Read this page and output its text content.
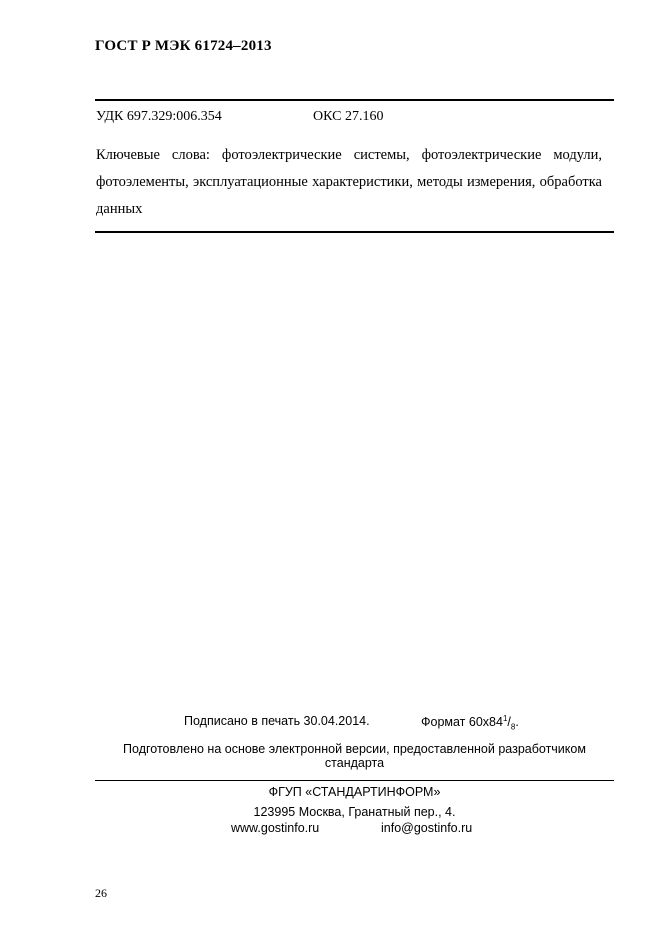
ГОСТ Р МЭК 61724–2013
УДК 697.329:006.354	ОКС 27.160
Ключевые слова: фотоэлектрические системы, фотоэлектрические модули, фотоэлементы, эксплуатационные характеристики, методы измерения, обработка данных
Подписано в печать 30.04.2014.	Формат $60x84^1/_8$.
Подготовлено на основе электронной версии, предоставленной разработчиком стандарта
ФГУП «СТАНДАРТИНФОРМ»
123995 Москва, Гранатный пер., 4.
www.gostinfo.ru	info@gostinfo.ru
26
